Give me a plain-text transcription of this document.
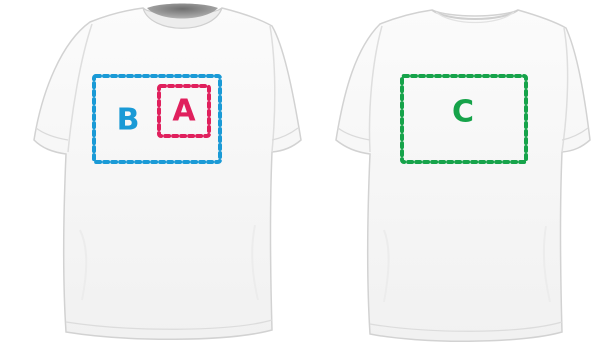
B A	C
